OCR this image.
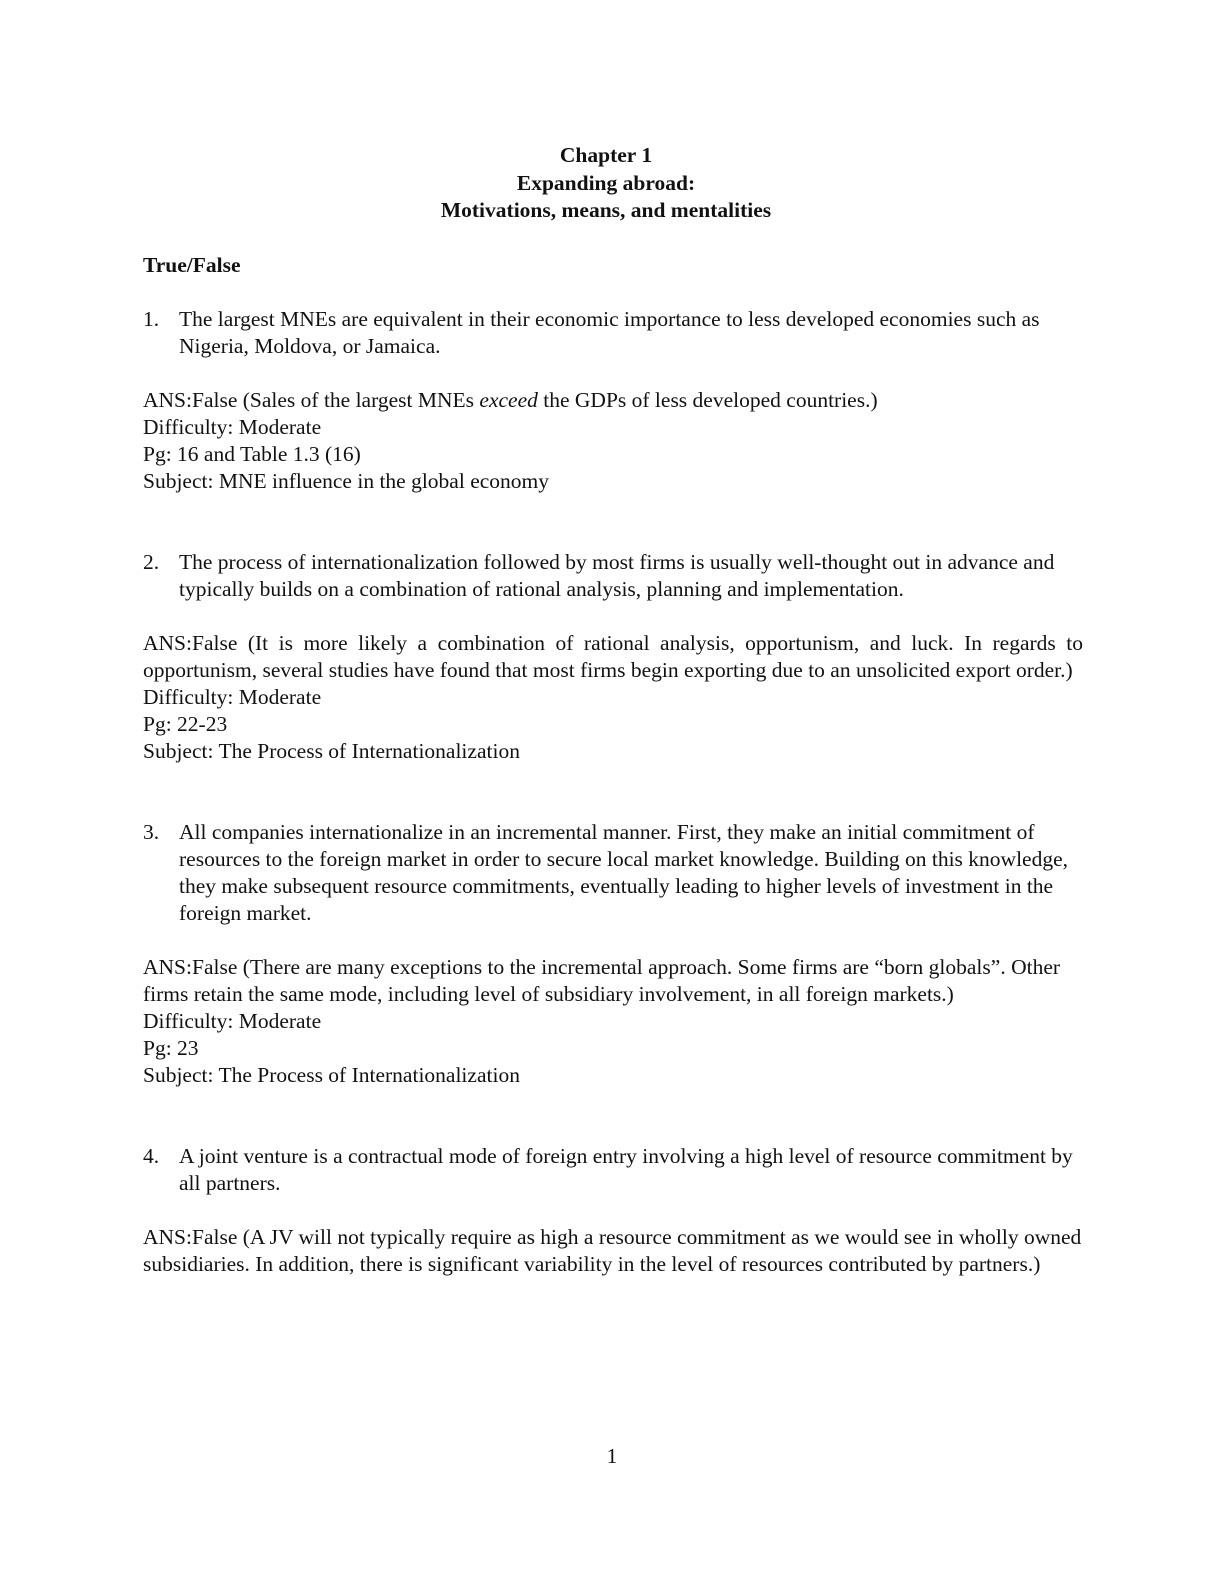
Chapter 1
Expanding abroad:
Motivations, means, and mentalities
True/False
1. The largest MNEs are equivalent in their economic importance to less developed economies such as Nigeria, Moldova, or Jamaica.

ANS:False (Sales of the largest MNEs exceed the GDPs of less developed countries.)

Difficulty: Moderate

Pg: 16 and Table 1.3 (16)

Subject: MNE influence in the global economy

2. The process of internationalization followed by most firms is usually well-thought out in advance and typically builds on a combination of rational analysis, planning and implementation.

ANS:False (It is more likely a combination of rational analysis, opportunism, and luck. In regards to opportunism, several studies have found that most firms begin exporting due to an unsolicited export order.)

Difficulty: Moderate

Pg: 22-23

Subject: The Process of Internationalization

3. All companies internationalize in an incremental manner. First, they make an initial commitment of resources to the foreign market in order to secure local market knowledge. Building on this knowledge, they make subsequent resource commitments, eventually leading to higher levels of investment in the foreign market.

ANS:False (There are many exceptions to the incremental approach. Some firms are “born globals”. Other firms retain the same mode, including level of subsidiary involvement, in all foreign markets.)

Difficulty: Moderate

Pg: 23

Subject: The Process of Internationalization

4. A joint venture is a contractual mode of foreign entry involving a high level of resource commitment by all partners.

ANS:False (A JV will not typically require as high a resource commitment as we would see in wholly owned subsidiaries. In addition, there is significant variability in the level of resources contributed by partners.)

1
